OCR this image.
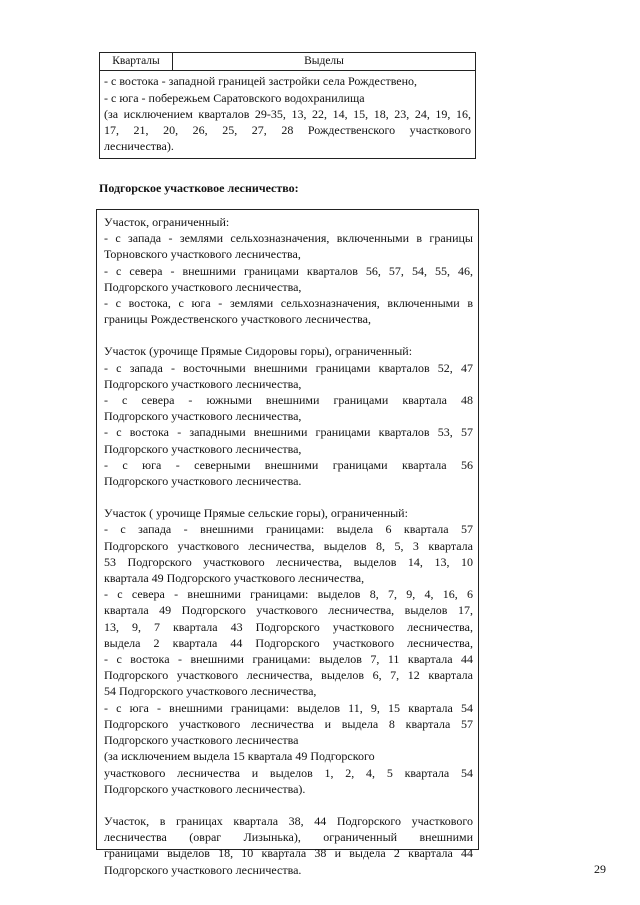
Кварталы	Выделы
- с востока - западной границей застройки села Рождествено,
- с юга - побережьем Саратовского водохранилища
(за исключением кварталов 29-35, 13, 22, 14, 15, 18, 23, 24, 19, 16,
17, 21, 20, 26, 25, 27, 28 Рождественского участкового
лесничества).
Подгорское участковое лесничество:
Участок, ограниченный:
- с запада - землями сельхозназначения, включенными в границы
Торновского участкового лесничества,
- с севера - внешними границами кварталов 56, 57, 54, 55, 46,
Подгорского участкового лесничества,
- с востока, с юга - землями сельхозназначения, включенными в
границы Рождественского участкового лесничества,
Участок (урочище Прямые Сидоровы горы), ограниченный:
- с запада - восточными внешними границами кварталов 52, 47
Подгорского участкового лесничества,
- с севера - южными внешними границами квартала 48
Подгорского участкового лесничества,
- с востока - западными внешними границами кварталов 53, 57
Подгорского участкового лесничества,
- с юга - северными внешними границами квартала 56
Подгорского участкового лесничества.
Участок ( урочище Прямые сельские горы), ограниченный:
- с запада - внешними границами: выдела 6 квартала 57
Подгорского участкового лесничества, выделов 8, 5, 3 квартала
53 Подгорского участкового лесничества, выделов 14, 13, 10
квартала 49 Подгорского участкового лесничества,
- с севера - внешними границами: выделов 8, 7, 9, 4, 16, 6
квартала 49 Подгорского участкового лесничества, выделов 17,
13, 9, 7 квартала 43 Подгорского участкового лесничества,
выдела 2 квартала 44 Подгорского участкового лесничества,
- с востока - внешними границами: выделов 7, 11 квартала 44
Подгорского участкового лесничества, выделов 6, 7, 12 квартала
54 Подгорского участкового лесничества,
- с юга - внешними границами: выделов 11, 9, 15 квартала 54
Подгорского участкового лесничества и выдела 8 квартала 57
Подгорского участкового лесничества
(за исключением выдела 15 квартала 49 Подгорского
участкового лесничества и выделов 1, 2, 4, 5 квартала 54
Подгорского участкового лесничества).
Участок, в границах квартала 38, 44 Подгорского участкового
лесничества (овраг Лизынька), ограниченный внешними
границами выделов 18, 10 квартала 38 и выдела 2 квартала 44
Подгорского участкового лесничества.	29
